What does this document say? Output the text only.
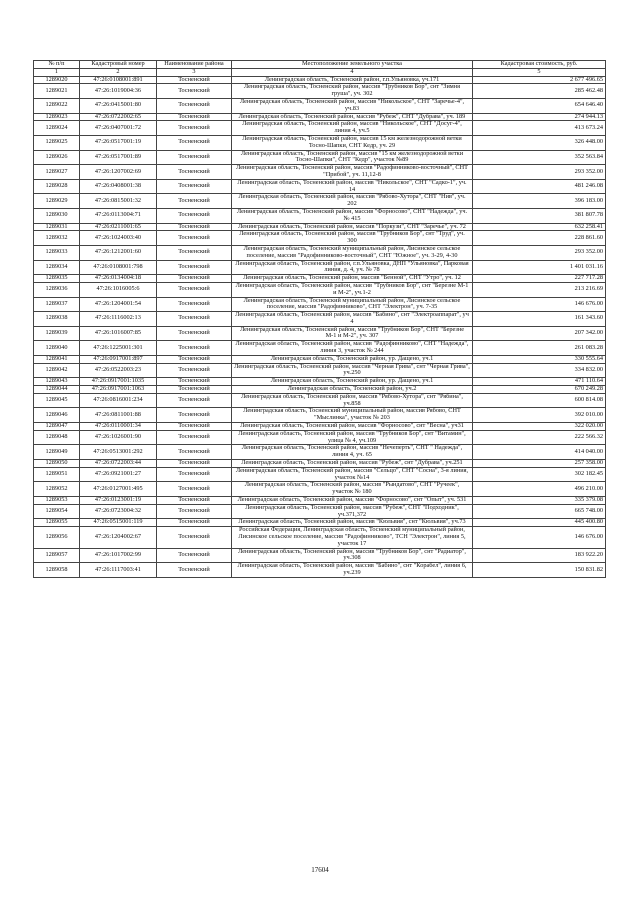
№ п/п	Кадастровый номер	Наименование района	Местоположение земельного участка	Кадастровая стоимость, руб.
1	2	3	4	5
1289020	47:26:0108001:891	Тосненский	Ленинградская область, Тосненский район, г.п.Ульяновка, уч.171	2 677 496.65
1289021	47:26:1019004:36	Тосненский	Ленинградская область, Тосненский район, массив "Трубников Бор", снт "Зимня груша", уч. 302	285 462.48
1289022	47:26:0415001:80	Тосненский	Ленинградская область, Тосненский район, массив "Никольское", СНТ "Заречье-4", уч.83	654 646.40
1289023	47:26:0722002:65	Тосненский	Ленинградская область, Тосненский район, массив "Рубеж", СНТ "Дубрава", уч. 189	274 944.13
1289024	47:26:0407001:72	Тосненский	Ленинградская область, Тосненский район, массив "Никольское", СНТ "Досуг-4", линия 4, уч.5	413 673.24
1289025	47:26:0517001:19	Тосненский	Ленинградская область, Тосненский район, массив 15 км железнодорожной ветки Тосно-Шапки, СНТ Кедр, уч. 29	326 448.00
1289026	47:26:0517001:89	Тосненский	Ленинградская область, Тосненский район, массив "15 км железнодорожной ветки Тосно-Шапки", СНТ "Кедр", участок №89	352 563.84
1289027	47:26:1207002:69	Тосненский	Ленинградская область, Тосненский район, массив "Радофинниково-восточный", СНТ "Прибой", уч. 11,12-8	293 352.00
1289028	47:26:0408001:38	Тосненский	Ленинградская область, Тосненский район, массив "Никольское", СНТ "Садко-1", уч. 14	481 246.08
1289029	47:26:0815001:32	Тосненский	Ленинградская область, Тосненский район, массив "Рябово-Хутора", СНТ "Нив", уч. 202	396 183.00
1289030	47:26:0113004:71	Тосненский	Ленинградская область, Тосненский район, массив "Форносово", СНТ "Надежда", уч. № 415	381 807.78
1289031	47:26:0211001:65	Тосненский	Ленинградская область, Тосненский район, массив "Поркузи", СНТ "Заречье", уч. 72	632 258.41
1289032	47:26:1024003:40	Тосненский	Ленинградская область, Тосненский район, массив "Трубников Бор", снт "Труд", уч. 300	228 861.60
1289033	47:26:1212001:60	Тосненский	Ленинградская область, Тосненский муниципальный район, Лисинское сельское поселение, массив "Радофинниково-восточный", СНТ "Южное", уч. 3-29, 4-30	293 352.00
1289034	47:26:0108001:798	Тосненский	Ленинградская область, Тосненский район, г.п.Ульяновка, ДНП "Ульяновка", Парковая линия, д. 4, уч. № 78	1 401 031.16
1289035	47:26:0134004:18	Тосненский	Ленинградская область, Тосненский район, массив "Бенной", СНТ "Утро", уч. 12	227 717.28
1289036	47:26:1016005:6	Тосненский	Ленинградская область, Тосненский район, массив "Трубников Бор", снт "Березнe М-1 и М-2", уч.1-2	213 216.69
1289037	47:26:1204001:54	Тосненский	Ленинградская область, Тосненский муниципальный район, Лисинское сельское поселение, массив "Радофинниково", СНТ "Электрон", уч. 7-35	146 676.00
1289038	47:26:1116002:13	Тосненский	Ленинградская область, Тосненский район, массив "Бабино", снт "Электроаппарат", уч 4	161 343.60
1289039	47:26:1016007:85	Тосненский	Ленинградская область, Тосненский район, массив "Трубников Бор", СНТ "Березнe М-1 и М-2", уч. 307	207 342.00
1289040	47:26:1225001:301	Тосненский	Ленинградская область, Тосненский район, массив "Радофинниково", СНТ "Надежда", линия 3, участок № 244	261 083.28
1289041	47:26:0917001:897	Тосненский	Ленинградская область, Тосненский район, ур. Дащено, уч.1	330 555.64
1289042	47:26:0522003:23	Тосненский	Ленинградская область, Тосненский район, массив "Черная Грива", снт "Черная Грива", уч.250	334 832.00
1289043	47:26:0917001:1035	Тосненский	Ленинградская область, Тосненский район, ур. Дащено, уч.1	471 110.64
1289044	47:26:0917001:1063	Тосненский	Ленинградская область, Тосненский район, уч.2	670 249.28
1289045	47:26:0816001:234	Тосненский	Ленинградская область, Тосненский район, массив "Рябово-Хутора", снт "Рябина", уч.858	600 814.08
1289046	47:26:0811001:88	Тосненский	Ленинградская область, Тосненский муниципальный район, массив Рябово, СНТ "Мыслинка", участок № 203	392 010.00
1289047	47:26:0110001:34	Тосненский	Ленинградская область, Тосненский район, массив "Форносово", снт "Весна", уч31	322 020.00
1289048	47:26:1026001:90	Тосненский	Ленинградская область, Тосненский район, массив "Трубников Бор", снт "Витамин", улица № 4, уч.109	222 566.32
1289049	47:26:0513001:292	Тосненский	Ленинградская область, Тосненский район, массив "Нечеперть", СНТ " Надежда", линия 4, уч. 65	414 040.00
1289050	47:26:0722003:44	Тосненский	Ленинградская область, Тосненский район, массив "Рубеж", снт "Дубрава", уч.251	257 358.00
1289051	47:26:0921001:27	Тосненский	Ленинградская область, Тосненский район, массив "Сельцо", СНТ "Сосна", 3-я линия, участок №14	302 182.45
1289052	47:26:0127001:495	Тосненский	Ленинградская область, Тосненский район, массив "Рындатово", СНТ "Ручеек", участок № 180	496 210.00
1289053	47:26:0123001:19	Тосненский	Ленинградская область, Тосненский район, массив "Форносово", снт "Опыт", уч. 531	335 379.08
1289054	47:26:0723004:32	Тосненский	Ленинградская область, Тосненский район, массив "Рубеж", СНТ "Подходник", уч.371,372	665 748.00
1289055	47:26:0515001:119	Тосненский	Ленинградская область, Тосненский район, массив "Кюльвия", снт "Кюльвия", уч.73	445 400.80
1289056	47:26:1204002:67	Тосненский	Российская Федерация, Ленинградская область, Тосненский муниципальный район, Лисинское сельское поселение, массив "Радофинниково", ТСН "Электрон", линия 5, участок 17	146 676.00
1289057	47:26:1017002:99	Тосненский	Ленинградская область, Тосненский район, массив "Трубников Бор", снт "Радиатор", уч.308	183 922.20
1289058	47:26:1117003:41	Тосненский	Ленинградская область, Тосненский район, массив "Бабино", снт "Корабел", линия 6, уч.239	150 831.82
17604
